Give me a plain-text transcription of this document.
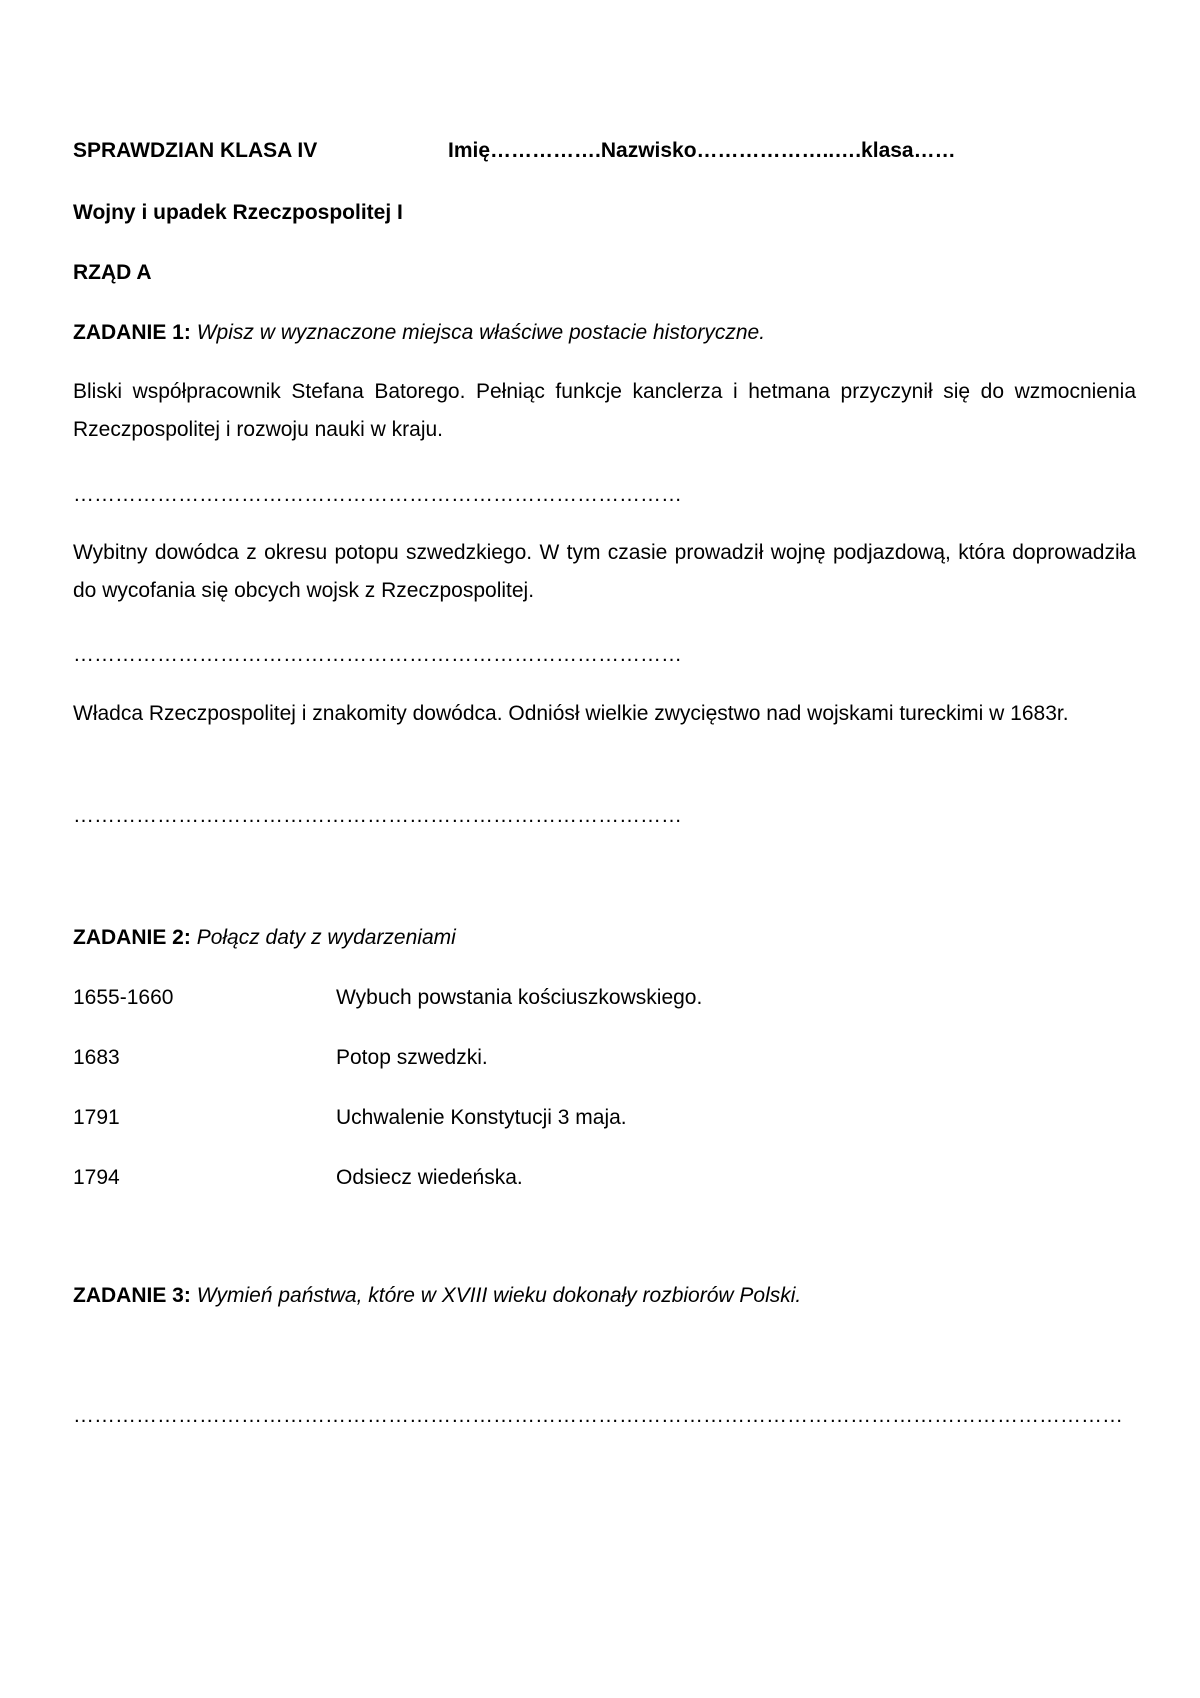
SPRAWDZIAN KLASA IV	Imię…………….Nazwisko………………..….klasa……
Wojny i upadek Rzeczpospolitej I
RZĄD A
ZADANIE 1: Wpisz w wyznaczone miejsca właściwe postacie historyczne.
Bliski współpracownik Stefana Batorego. Pełniąc funkcje kanclerza i hetmana przyczynił się do wzmocnienia Rzeczpospolitej i rozwoju nauki w kraju.
……………………………………………………………………………
Wybitny dowódca z okresu potopu szwedzkiego. W tym czasie prowadził wojnę podjazdową, która doprowadziła do wycofania się obcych wojsk z Rzeczpospolitej.
……………………………………………………………………………
Władca Rzeczpospolitej i znakomity dowódca. Odniósł wielkie zwycięstwo nad wojskami tureckimi w 1683r.
……………………………………………………………………………
ZADANIE 2: Połącz daty z wydarzeniami
1655-1660	Wybuch powstania kościuszkowskiego.
1683	Potop szwedzki.
1791	Uchwalenie Konstytucji 3 maja.
1794	Odsiecz wiedeńska.
ZADANIE 3: Wymień państwa, które w XVIII wieku dokonały rozbiorów Polski.
……………………………………………………………………………………………………………………………………
